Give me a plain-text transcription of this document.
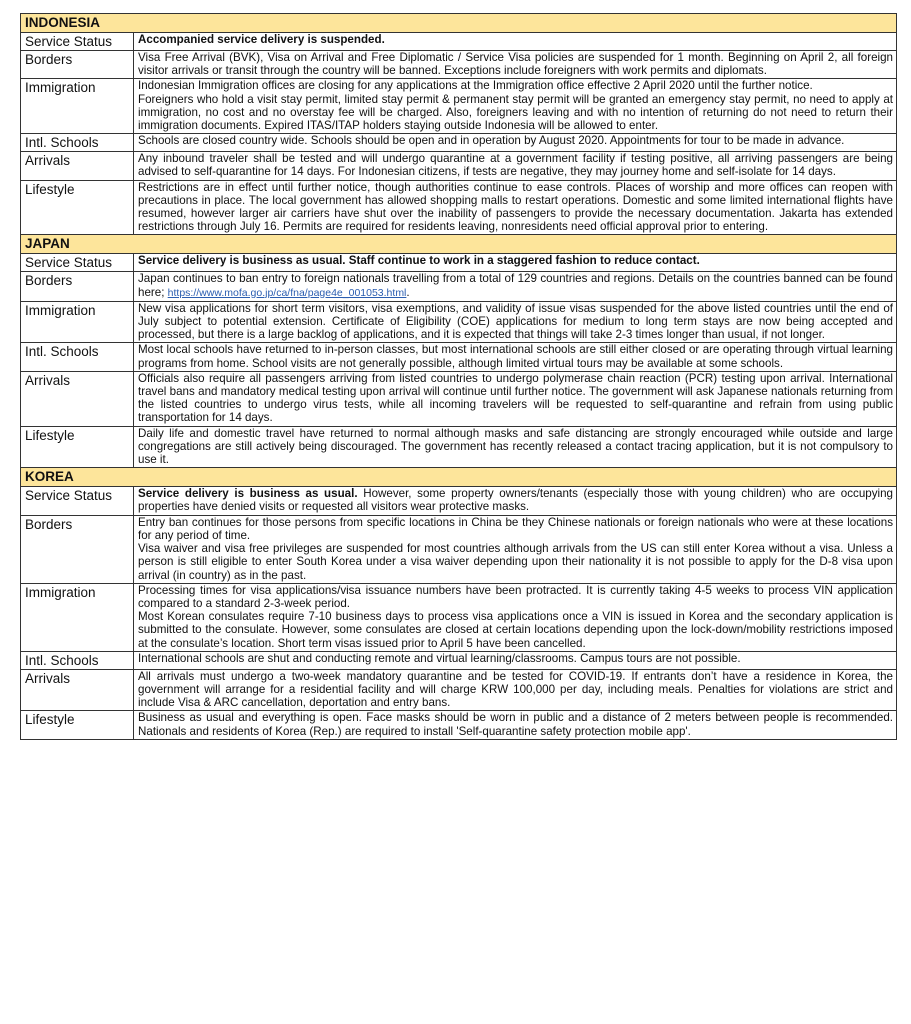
INDONESIA	
Service Status	Accompanied service delivery is suspended.

Borders	Visa Free Arrival (BVK), Visa on Arrival and Free Diplomatic / Service Visa policies are suspended for 1 month. Beginning on April 2, all foreign visitor arrivals or transit through the country will be banned. Exceptions include foreigners with work permits and diplomats.

Immigration	Indonesian Immigration offices are closing for any applications at the Immigration office effective 2 April 2020 until the further notice.

Foreigners who hold a visit stay permit, limited stay permit & permanent stay permit will be granted an emergency stay permit, no need to apply at immigration, no cost and no overstay fee will be charged. Also, foreigners leaving and with no intention of returning do not need to return their immigration documents. Expired ITAS/ITAP holders staying outside Indonesia will be allowed to enter.

Intl. Schools	Schools are closed country wide. Schools should be open and in operation by August 2020. Appointments for tour to be made in advance.

Arrivals	Any inbound traveler shall be tested and will undergo quarantine at a government facility if testing positive, all arriving passengers are being advised to self-quarantine for 14 days. For Indonesian citizens, if tests are negative, they may journey home and self-isolate for 14 days.

Lifestyle	Restrictions are in effect until further notice, though authorities continue to ease controls. Places of worship and more offices can reopen with precautions in place. The local government has allowed shopping malls to restart operations. Domestic and some limited international flights have resumed, however larger air carriers have shut over the inability of passengers to provide the necessary documentation. Jakarta has extended restrictions through July 16. Permits are required for residents leaving, nonresidents need official approval prior to entering.

JAPAN	
Service Status	Service delivery is business as usual. Staff continue to work in a staggered fashion to reduce contact.

Borders	Japan continues to ban entry to foreign nationals travelling from a total of 129 countries and regions. Details on the countries banned can be found here; https://www.mofa.go.jp/ca/fna/page4e_001053.html.

Immigration	New visa applications for short term visitors, visa exemptions, and validity of issue visas suspended for the above listed countries until the end of July subject to potential extension. Certificate of Eligibility (COE) applications for medium to long term stays are now being accepted and processed, but there is a large backlog of applications, and it is expected that things will take 2-3 times longer than usual, if not longer.

Intl. Schools	Most local schools have returned to in-person classes, but most international schools are still either closed or are operating through virtual learning programs from home. School visits are not generally possible, although limited virtual tours may be available at some schools.

Arrivals	Officials also require all passengers arriving from listed countries to undergo polymerase chain reaction (PCR) testing upon arrival. International travel bans and mandatory medical testing upon arrival will continue until further notice. The government will ask Japanese nationals returning from the listed countries to undergo virus tests, while all incoming travelers will be requested to self-quarantine and refrain from using public transportation for 14 days.

Lifestyle	Daily life and domestic travel have returned to normal although masks and safe distancing are strongly encouraged while outside and large congregations are still actively being discouraged. The government has recently released a contact tracing application, but it is not compulsory to use it.

KOREA	
Service Status	Service delivery is business as usual. However, some property owners/tenants (especially those with young children) who are occupying properties have denied visits or requested all visitors wear protective masks.

Borders	Entry ban continues for those persons from specific locations in China be they Chinese nationals or foreign nationals who were at these locations for any period of time.

Visa waiver and visa free privileges are suspended for most countries although arrivals from the US can still enter Korea without a visa. Unless a person is still eligible to enter South Korea under a visa waiver depending upon their nationality it is not possible to apply for the D-8 visa upon arrival (in country) as in the past.

Immigration	Processing times for visa applications/visa issuance numbers have been protracted. It is currently taking 4-5 weeks to process VIN application compared to a standard 2-3-week period.

Most Korean consulates require 7-10 business days to process visa applications once a VIN is issued in Korea and the secondary application is submitted to the consulate. However, some consulates are closed at certain locations depending upon the lock-down/mobility restrictions imposed at the consulate’s location. Short term visas issued prior to April 5 have been cancelled.

Intl. Schools	International schools are shut and conducting remote and virtual learning/classrooms. Campus tours are not possible.

Arrivals	All arrivals must undergo a two-week mandatory quarantine and be tested for COVID-19. If entrants don’t have a residence in Korea, the government will arrange for a residential facility and will charge KRW 100,000 per day, including meals. Penalties for violations are strict and include Visa & ARC cancellation, deportation and entry bans.

Lifestyle	Business as usual and everything is open. Face masks should be worn in public and a distance of 2 meters between people is recommended. Nationals and residents of Korea (Rep.) are required to install 'Self-quarantine safety protection mobile app'.
